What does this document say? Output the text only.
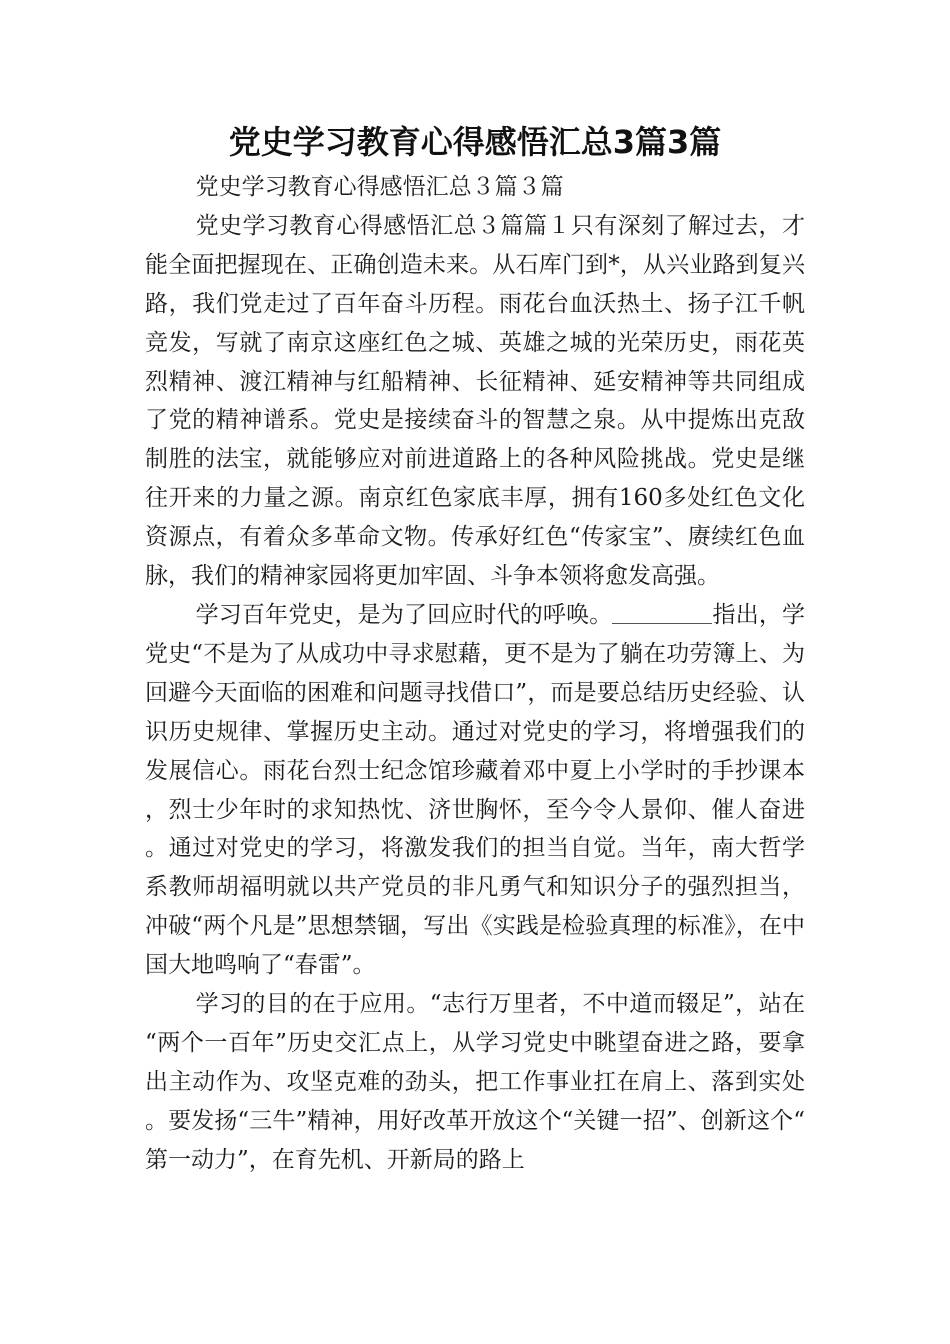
党史学习教育心得感悟汇总3篇3篇

党史学习教育心得感悟汇总３篇３篇

党史学习教育心得感悟汇总３篇篇１只有深刻了解过去，才能全面把握现在、正确创造未来。从石库门到*，从兴业路到复兴路，我们党走过了百年奋斗历程。雨花台血沃热土、扬子江千帆竞发，写就了南京这座红色之城、英雄之城的光荣历史，雨花英烈精神、渡江精神与红船精神、长征精神、延安精神等共同组成了党的精神谱系。党史是接续奋斗的智慧之泉。从中提炼出克敌制胜的法宝，就能够应对前进道路上的各种风险挑战。党史是继往开来的力量之源。南京红色家底丰厚，拥有160多处红色文化资源点，有着众多革命文物。传承好红色“传家宝”、赓续红色血脉，我们的精神家园将更加牢固、斗争本领将愈发高强。

学习百年党史，是为了回应时代的呼唤。	指出，学党史“不是为了从成功中寻求慰藉，更不是为了躺在功劳簿上、为回避今天面临的困难和问题寻找借口”，而是要总结历史经验、认识历史规律、掌握历史主动。通过对党史的学习，将增强我们的发展信心。雨花台烈士纪念馆珍藏着邓中夏上小学时的手抄课本，烈士少年时的求知热忱、济世胸怀，至今令人景仰、催人奋进。通过对党史的学习，将激发我们的担当自觉。当年，南大哲学系教师胡福明就以共产党员的非凡勇气和知识分子的强烈担当，冲破“两个凡是”思想禁锢，写出《实践是检验真理的标准》，在中国大地鸣响了“春雷”。

学习的目的在于应用。“志行万里者，不中道而辍足”，站在“两个一百年”历史交汇点上，从学习党史中眺望奋进之路，要拿出主动作为、攻坚克难的劲头，把工作事业扛在肩上、落到实处。要发扬“三牛”精神，用好改革开放这个“关键一招”、创新这个“第一动力”，在育先机、开新局的路上
